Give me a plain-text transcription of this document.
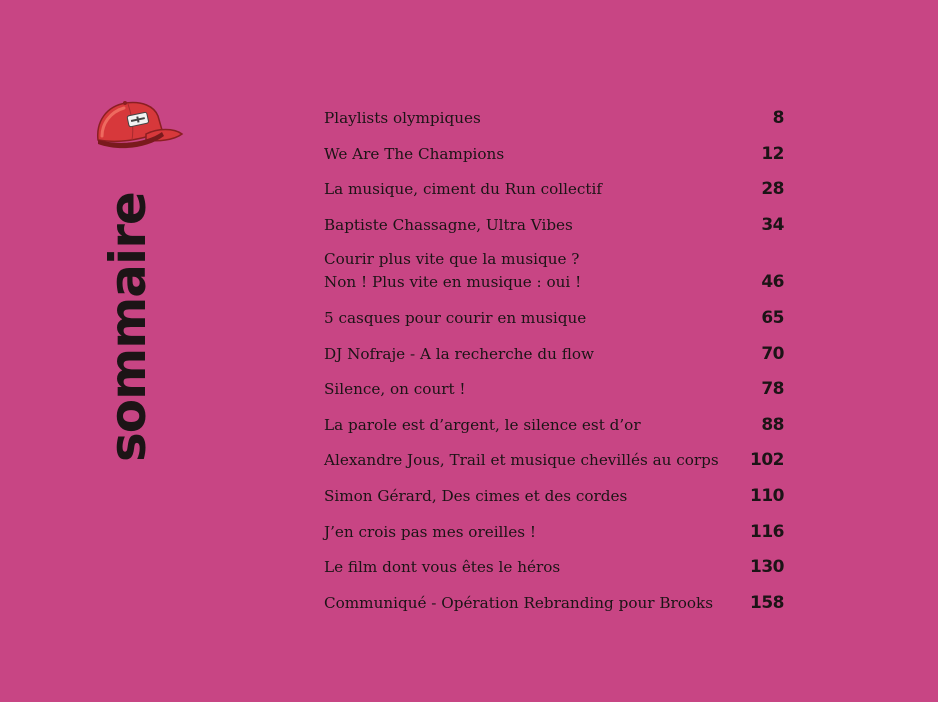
sommaire
Playlists olympiques	8
We Are The Champions	12
La musique, ciment du Run collectif	28
Baptiste Chassagne, Ultra Vibes	34
Courir plus vite que la musique ?
Non ! Plus vite en musique : oui !	46
5 casques pour courir en musique	65
DJ Nofraje - A la recherche du flow	70
Silence, on court !	78
La parole est d’argent, le silence est d’or	88
Alexandre Jous, Trail et musique chevillés au corps 102
Simon Gérard, Des cimes et des cordes	110
J’en crois pas mes oreilles !	116
Le film dont vous êtes le héros	130
Communiqué - Opération Rebranding pour Brooks 158
